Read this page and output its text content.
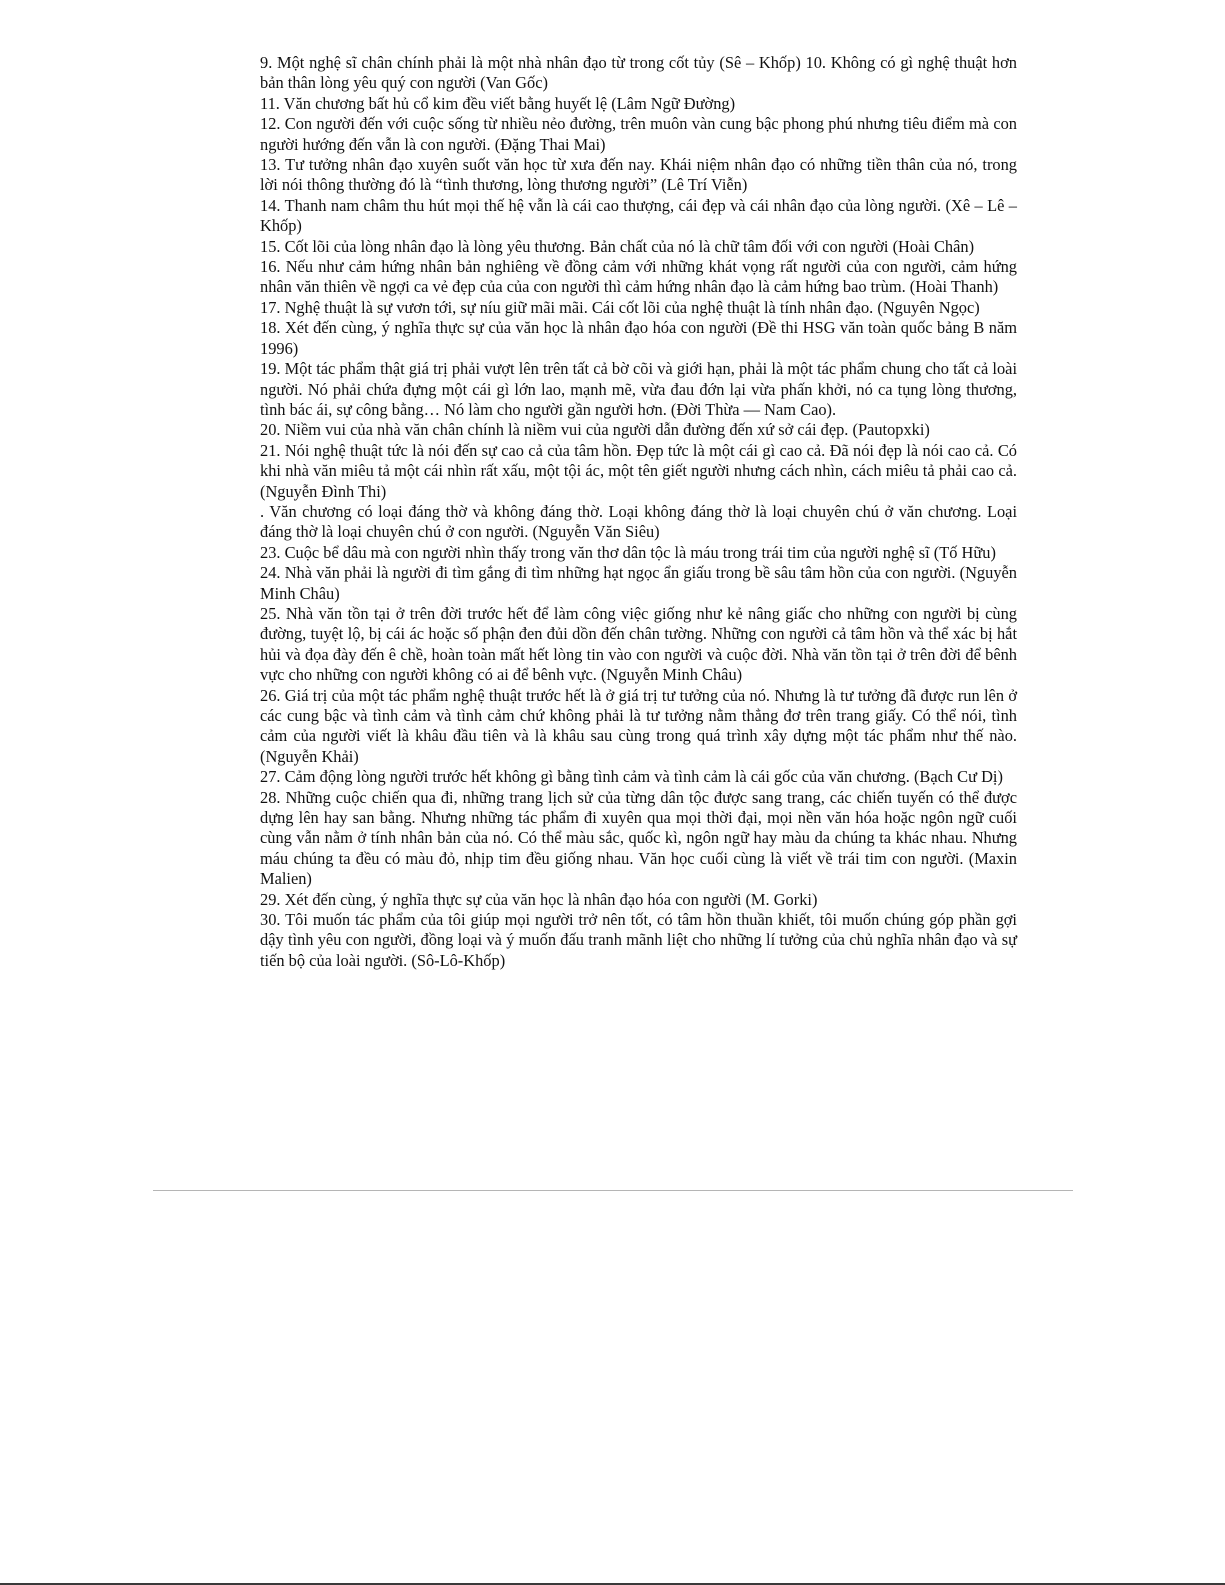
9. Một nghệ sĩ chân chính phải là một nhà nhân đạo từ trong cốt tủy (Sê – Khốp) 10. Không có gì nghệ thuật hơn bản thân lòng yêu quý con người (Van Gốc)

11. Văn chương bất hủ cổ kim đều viết bằng huyết lệ (Lâm Ngữ Đường)

12. Con người đến với cuộc sống từ nhiều nẻo đường, trên muôn vàn cung bậc phong phú nhưng tiêu điểm mà con người hướng đến vẫn là con người. (Đặng Thai Mai)

13. Tư tưởng nhân đạo xuyên suốt văn học từ xưa đến nay. Khái niệm nhân đạo có những tiền thân của nó, trong lời nói thông thường đó là “tình thương, lòng thương người” (Lê Trí Viễn)

14. Thanh nam châm thu hút mọi thế hệ vẫn là cái cao thượng, cái đẹp và cái nhân đạo của lòng người. (Xê – Lê – Khốp)

15. Cốt lõi của lòng nhân đạo là lòng yêu thương. Bản chất của nó là chữ tâm đối với con người (Hoài Chân)

16. Nếu như cảm hứng nhân bản nghiêng về đồng cảm với những khát vọng rất người của con người, cảm hứng nhân văn thiên về ngợi ca vẻ đẹp của của con người thì cảm hứng nhân đạo là cảm hứng bao trùm. (Hoài Thanh)

17. Nghệ thuật là sự vươn tới, sự níu giữ mãi mãi. Cái cốt lõi của nghệ thuật là tính nhân đạo. (Nguyên Ngọc)

18. Xét đến cùng, ý nghĩa thực sự của văn học là nhân đạo hóa con người (Đề thi HSG văn toàn quốc bảng B năm 1996)

19. Một tác phẩm thật giá trị phải vượt lên trên tất cả bờ cõi và giới hạn, phải là một tác phẩm chung cho tất cả loài người. Nó phải chứa đựng một cái gì lớn lao, mạnh mẽ, vừa đau đớn lại vừa phấn khởi, nó ca tụng lòng thương, tình bác ái, sự công bằng… Nó làm cho người gần người hơn. (Đời Thừa — Nam Cao).

20. Niềm vui của nhà văn chân chính là niềm vui của người dẫn đường đến xứ sở cái đẹp. (Pautopxki)

21. Nói nghệ thuật tức là nói đến sự cao cả của tâm hồn. Đẹp tức là một cái gì cao cả. Đã nói đẹp là nói cao cả. Có khi nhà văn miêu tả một cái nhìn rất xấu, một tội ác, một tên giết người nhưng cách nhìn, cách miêu tả phải cao cả. (Nguyễn Đình Thi)

. Văn chương có loại đáng thờ và không đáng thờ. Loại không đáng thờ là loại chuyên chú ở văn chương. Loại đáng thờ là loại chuyên chú ở con người. (Nguyễn Văn Siêu)

23. Cuộc bể dâu mà con người nhìn thấy trong văn thơ dân tộc là máu trong trái tim của người nghệ sĩ (Tố Hữu)

24. Nhà văn phải là người đi tìm gắng đi tìm những hạt ngọc ẩn giấu trong bề sâu tâm hồn của con người. (Nguyễn Minh Châu)

25. Nhà văn tồn tại ở trên đời trước hết để làm công việc giống như kẻ nâng giấc cho những con người bị cùng đường, tuyệt lộ, bị cái ác hoặc số phận đen đủi dồn đến chân tường. Những con người cả tâm hồn và thể xác bị hắt hủi và đọa đày đến ê chề, hoàn toàn mất hết lòng tin vào con người và cuộc đời. Nhà văn tồn tại ở trên đời để bênh vực cho những con người không có ai để bênh vực. (Nguyễn Minh Châu)

26. Giá trị của một tác phẩm nghệ thuật trước hết là ở giá trị tư tưởng của nó. Nhưng là tư tưởng đã được run lên ở các cung bậc và tình cảm và tình cảm chứ không phải là tư tưởng nằm thẳng đơ trên trang giấy. Có thể nói, tình cảm của người viết là khâu đầu tiên và là khâu sau cùng trong quá trình xây dựng một tác phẩm như thế nào. (Nguyễn Khải)

27. Cảm động lòng người trước hết không gì bằng tình cảm và tình cảm là cái gốc của văn chương. (Bạch Cư Dị)

28. Những cuộc chiến qua đi, những trang lịch sử của từng dân tộc được sang trang, các chiến tuyến có thể được dựng lên hay san bằng. Nhưng những tác phẩm đi xuyên qua mọi thời đại, mọi nền văn hóa hoặc ngôn ngữ cuối cùng vẫn nằm ở tính nhân bản của nó. Có thể màu sắc, quốc kì, ngôn ngữ hay màu da chúng ta khác nhau. Nhưng máu chúng ta đều có màu đỏ, nhịp tim đều giống nhau. Văn học cuối cùng là viết về trái tim con người. (Maxin Malien)

29. Xét đến cùng, ý nghĩa thực sự của văn học là nhân đạo hóa con người (M. Gorki)

30. Tôi muốn tác phẩm của tôi giúp mọi người trở nên tốt, có tâm hồn thuần khiết, tôi muốn chúng góp phần gợi dậy tình yêu con người, đồng loại và ý muốn đấu tranh mãnh liệt cho những lí tưởng của chủ nghĩa nhân đạo và sự tiến bộ của loài người. (Sô-Lô-Khốp)
